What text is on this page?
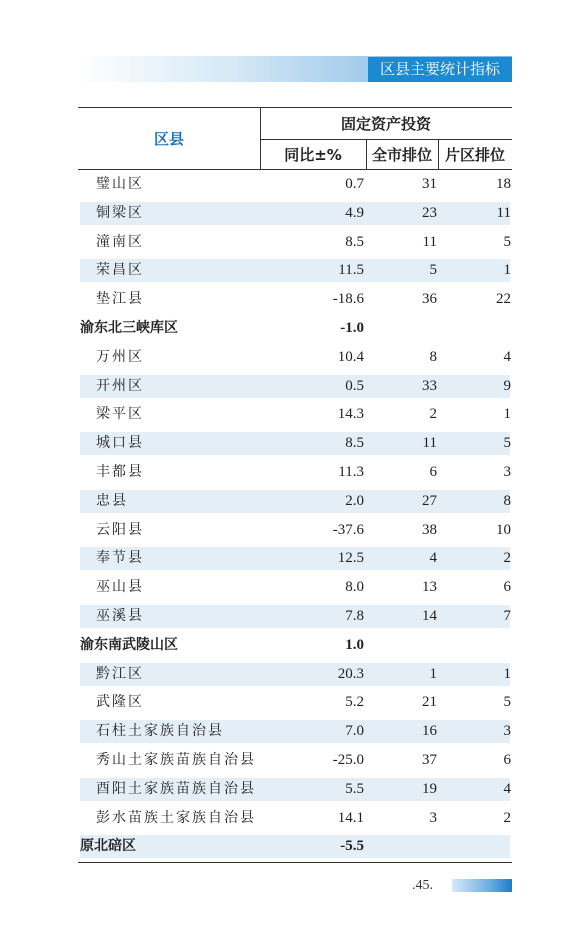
区县主要统计指标
区县
固定资产投资
同比±%	全市排位 片区排位
璧山区	0.7	31	18
铜梁区	4.9	23	11
潼南区	8.5	11	5
荣昌区	11.5	5	1
垫江县	-18.6	36	22
渝东北三峡库区	-1.0
万州区	10.4	8	4
开州区	0.5	33	9
梁平区	14.3	2	1
城口县	8.5	11	5
丰都县	11.3	6	3
忠县	2.0	27	8
云阳县	-37.6	38	10
奉节县	12.5	4	2
巫山县	8.0	13	6
巫溪县	7.8	14	7
渝东南武陵山区	1.0
黔江区	20.3	1	1
武隆区	5.2	21	5
石柱土家族自治县	7.0	16	3
秀山土家族苗族自治县	-25.0	37	6
酉阳土家族苗族自治县	5.5	19	4
彭水苗族土家族自治县	14.1	3	2
原北碚区	-5.5
.45.
